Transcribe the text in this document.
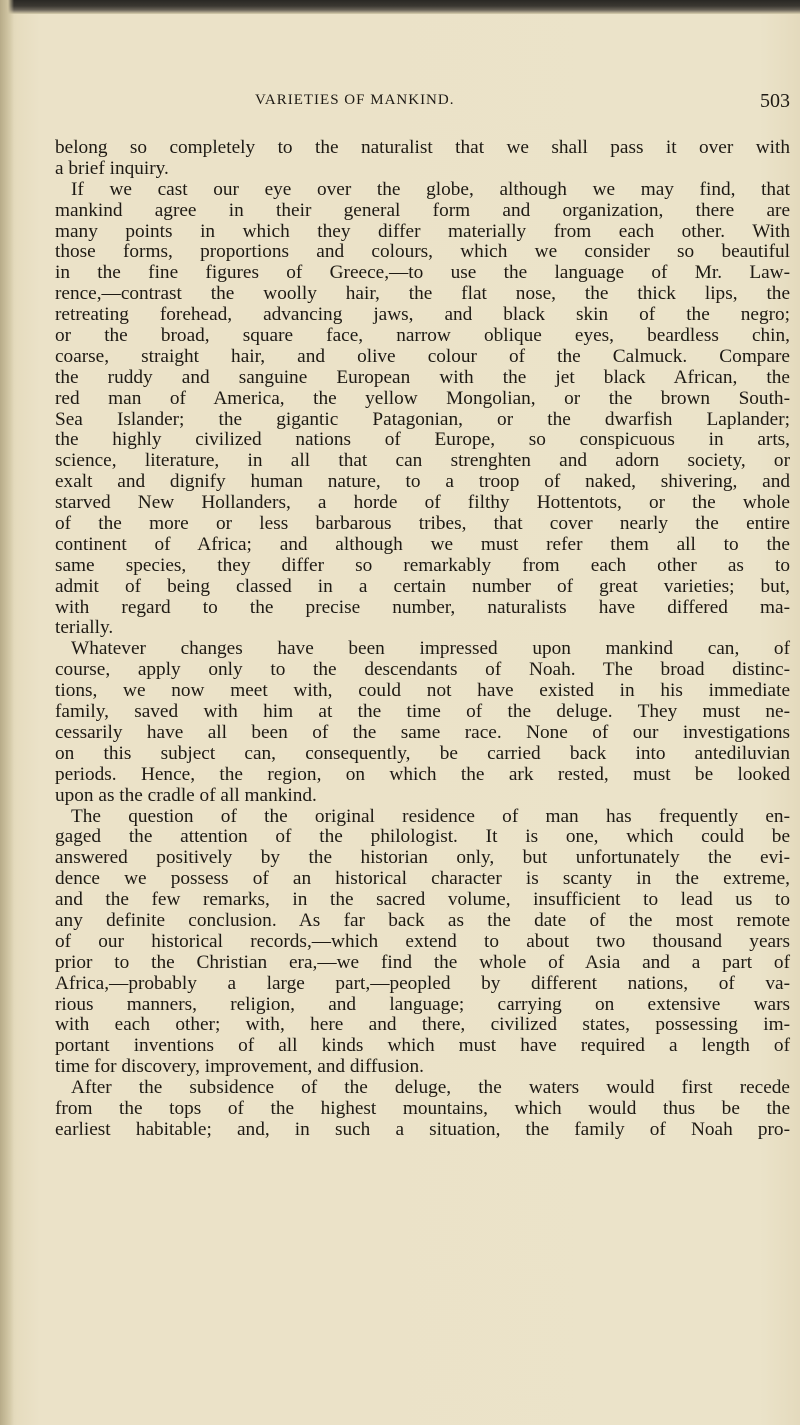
VARIETIES OF MANKIND.	503
belong so completely to the naturalist that we shall pass it over with
a brief inquiry.
If we cast our eye over the globe, although we may find, that
mankind agree in their general form and organization, there are
many points in which they differ materially from each other. With
those forms, proportions and colours, which we consider so beautiful
in the fine figures of Greece,—to use the language of Mr. Law-
rence,—contrast the woolly hair, the flat nose, the thick lips, the
retreating forehead, advancing jaws, and black skin of the negro;
or the broad, square face, narrow oblique eyes, beardless chin,
coarse, straight hair, and olive colour of the Calmuck. Compare
the ruddy and sanguine European with the jet black African, the
red man of America, the yellow Mongolian, or the brown South-
Sea Islander; the gigantic Patagonian, or the dwarfish Laplander;
the highly civilized nations of Europe, so conspicuous in arts,
science, literature, in all that can strenghten and adorn society, or
exalt and dignify human nature, to a troop of naked, shivering, and
starved New Hollanders, a horde of filthy Hottentots, or the whole
of the more or less barbarous tribes, that cover nearly the entire
continent of Africa; and although we must refer them all to the
same species, they differ so remarkably from each other as to
admit of being classed in a certain number of great varieties; but,
with regard to the precise number, naturalists have differed ma-
terially.
Whatever changes have been impressed upon mankind can, of
course, apply only to the descendants of Noah. The broad distinc-
tions, we now meet with, could not have existed in his immediate
family, saved with him at the time of the deluge. They must ne-
cessarily have all been of the same race. None of our investigations
on this subject can, consequently, be carried back into antediluvian
periods. Hence, the region, on which the ark rested, must be looked
upon as the cradle of all mankind.
The question of the original residence of man has frequently en-
gaged the attention of the philologist. It is one, which could be
answered positively by the historian only, but unfortunately the evi-
dence we possess of an historical character is scanty in the extreme,
and the few remarks, in the sacred volume, insufficient to lead us to
any definite conclusion. As far back as the date of the most remote
of our historical records,—which extend to about two thousand years
prior to the Christian era,—we find the whole of Asia and a part of
Africa,—probably a large part,—peopled by different nations, of va-
rious manners, religion, and language; carrying on extensive wars
with each other; with, here and there, civilized states, possessing im-
portant inventions of all kinds which must have required a length of
time for discovery, improvement, and diffusion.
After the subsidence of the deluge, the waters would first recede
from the tops of the highest mountains, which would thus be the
earliest habitable; and, in such a situation, the family of Noah pro-
